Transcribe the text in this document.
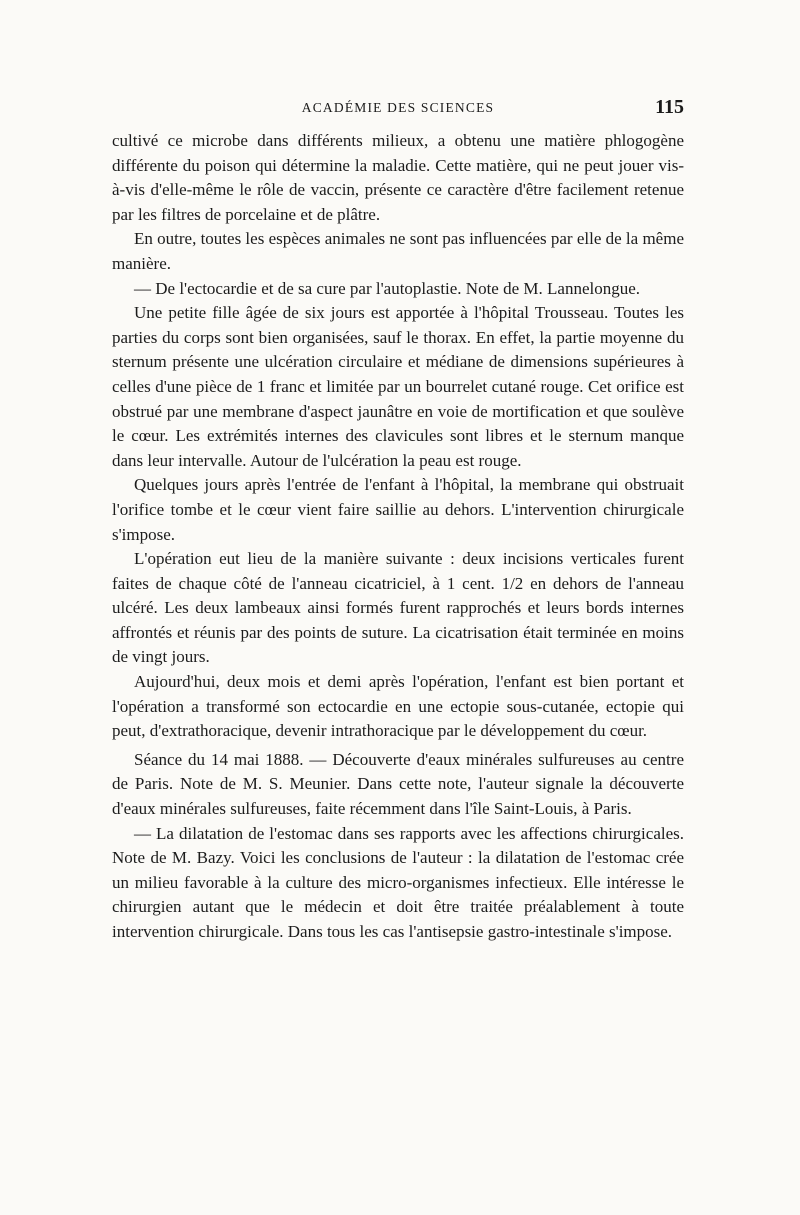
ACADÉMIE DES SCIENCES	115

cultivé ce microbe dans différents milieux, a obtenu une matière phlogogène différente du poison qui détermine la maladie. Cette matière, qui ne peut jouer vis-à-vis d'elle-même le rôle de vaccin, présente ce caractère d'être facilement retenue par les filtres de porcelaine et de plâtre.

En outre, toutes les espèces animales ne sont pas influencées par elle de la même manière.

— De l'ectocardie et de sa cure par l'autoplastie. Note de M. Lannelongue.

Une petite fille âgée de six jours est apportée à l'hôpital Trousseau. Toutes les parties du corps sont bien organisées, sauf le thorax. En effet, la partie moyenne du sternum présente une ulcération circulaire et médiane de dimensions supérieures à celles d'une pièce de 1 franc et limitée par un bourrelet cutané rouge. Cet orifice est obstrué par une membrane d'aspect jaunâtre en voie de mortification et que soulève le cœur. Les extrémités internes des clavicules sont libres et le sternum manque dans leur intervalle. Autour de l'ulcération la peau est rouge.

Quelques jours après l'entrée de l'enfant à l'hôpital, la membrane qui obstruait l'orifice tombe et le cœur vient faire saillie au dehors. L'intervention chirurgicale s'impose.

L'opération eut lieu de la manière suivante : deux incisions verticales furent faites de chaque côté de l'anneau cicatriciel, à 1 cent. 1/2 en dehors de l'anneau ulcéré. Les deux lambeaux ainsi formés furent rapprochés et leurs bords internes affrontés et réunis par des points de suture. La cicatrisation était terminée en moins de vingt jours.

Aujourd'hui, deux mois et demi après l'opération, l'enfant est bien portant et l'opération a transformé son ectocardie en une ectopie sous-cutanée, ectopie qui peut, d'extrathoracique, devenir intrathoracique par le développement du cœur.

Séance du 14 mai 1888. — Découverte d'eaux minérales sulfureuses au centre de Paris. Note de M. S. Meunier. Dans cette note, l'auteur signale la découverte d'eaux minérales sulfureuses, faite récemment dans l'île Saint-Louis, à Paris.

— La dilatation de l'estomac dans ses rapports avec les affections chirurgicales. Note de M. Bazy. Voici les conclusions de l'auteur : la dilatation de l'estomac crée un milieu favorable à la culture des micro-organismes infectieux. Elle intéresse le chirurgien autant que le médecin et doit être traitée préalablement à toute intervention chirurgicale. Dans tous les cas l'antisepsie gastro-intestinale s'impose.
